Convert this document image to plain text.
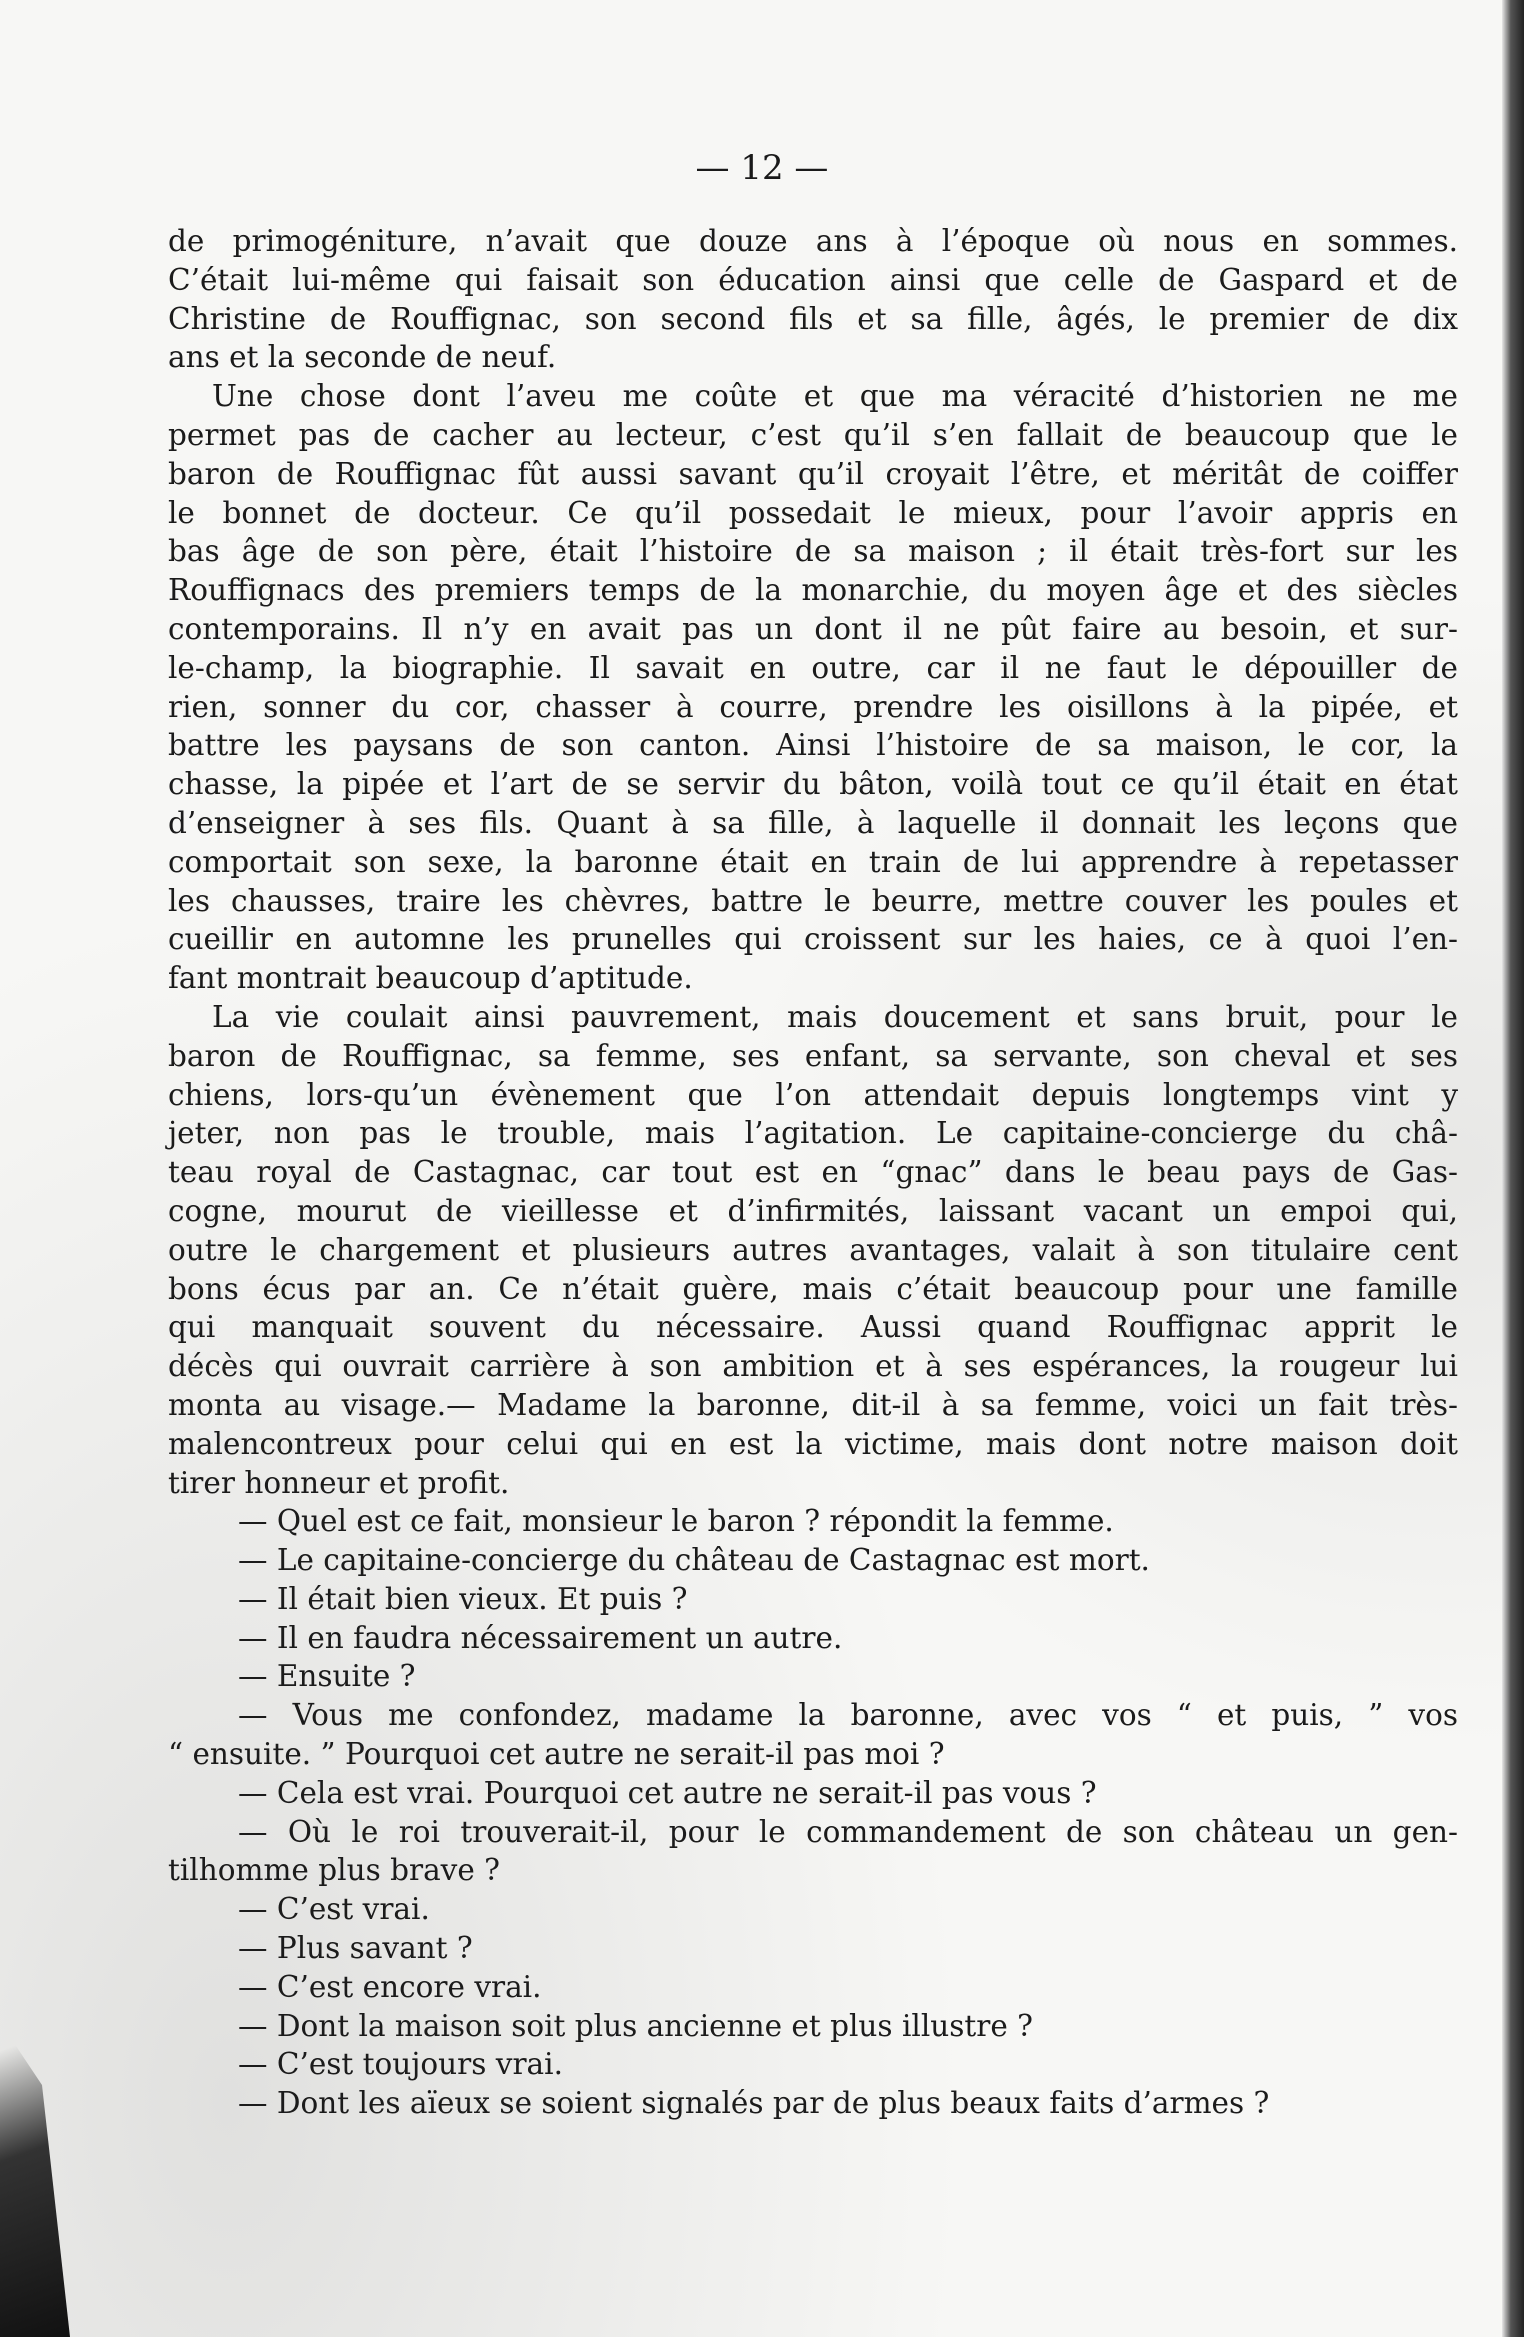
— 12 —

de primogéniture, n’avait que douze ans à l’époque où nous en sommes.

C’était lui-même qui faisait son éducation ainsi que celle de Gaspard et de

Christine de Rouffignac, son second fils et sa fille, âgés, le premier de dix

ans et la seconde de neuf.

Une chose dont l’aveu me coûte et que ma véracité d’historien ne me

permet pas de cacher au lecteur, c’est qu’il s’en fallait de beaucoup que le

baron de Rouffignac fût aussi savant qu’il croyait l’être, et méritât de coiffer

le bonnet de docteur. Ce qu’il possedait le mieux, pour l’avoir appris en

bas âge de son père, était l’histoire de sa maison ; il était très-fort sur les

Rouffignacs des premiers temps de la monarchie, du moyen âge et des siècles

contemporains. Il n’y en avait pas un dont il ne pût faire au besoin, et sur-

le-champ, la biographie. Il savait en outre, car il ne faut le dépouiller de

rien, sonner du cor, chasser à courre, prendre les oisillons à la pipée, et

battre les paysans de son canton. Ainsi l’histoire de sa maison, le cor, la

chasse, la pipée et l’art de se servir du bâton, voilà tout ce qu’il était en état

d’enseigner à ses fils. Quant à sa fille, à laquelle il donnait les leçons que

comportait son sexe, la baronne était en train de lui apprendre à repetasser

les chausses, traire les chèvres, battre le beurre, mettre couver les poules et

cueillir en automne les prunelles qui croissent sur les haies, ce à quoi l’en-

fant montrait beaucoup d’aptitude.

La vie coulait ainsi pauvrement, mais doucement et sans bruit, pour le

baron de Rouffignac, sa femme, ses enfant, sa servante, son cheval et ses

chiens, lors-qu’un évènement que l’on attendait depuis longtemps vint y

jeter, non pas le trouble, mais l’agitation. Le capitaine-concierge du châ-

teau royal de Castagnac, car tout est en “gnac” dans le beau pays de Gas-

cogne, mourut de vieillesse et d’infirmités, laissant vacant un empoi qui,

outre le chargement et plusieurs autres avantages, valait à son titulaire cent

bons écus par an. Ce n’était guère, mais c’était beaucoup pour une famille

qui manquait souvent du nécessaire. Aussi quand Rouffignac apprit le

décès qui ouvrait carrière à son ambition et à ses espérances, la rougeur lui

monta au visage.— Madame la baronne, dit-il à sa femme, voici un fait très-

malencontreux pour celui qui en est la victime, mais dont notre maison doit

tirer honneur et profit.

— Quel est ce fait, monsieur le baron ? répondit la femme.

— Le capitaine-concierge du château de Castagnac est mort.

— Il était bien vieux. Et puis ?

— Il en faudra nécessairement un autre.

— Ensuite ?

— Vous me confondez, madame la baronne, avec vos “ et puis, ” vos

“ ensuite. ” Pourquoi cet autre ne serait-il pas moi ?

— Cela est vrai. Pourquoi cet autre ne serait-il pas vous ?

— Où le roi trouverait-il, pour le commandement de son château un gen-

tilhomme plus brave ?

— C’est vrai.

— Plus savant ?

— C’est encore vrai.

— Dont la maison soit plus ancienne et plus illustre ?

— C’est toujours vrai.

— Dont les aïeux se soient signalés par de plus beaux faits d’armes ?
